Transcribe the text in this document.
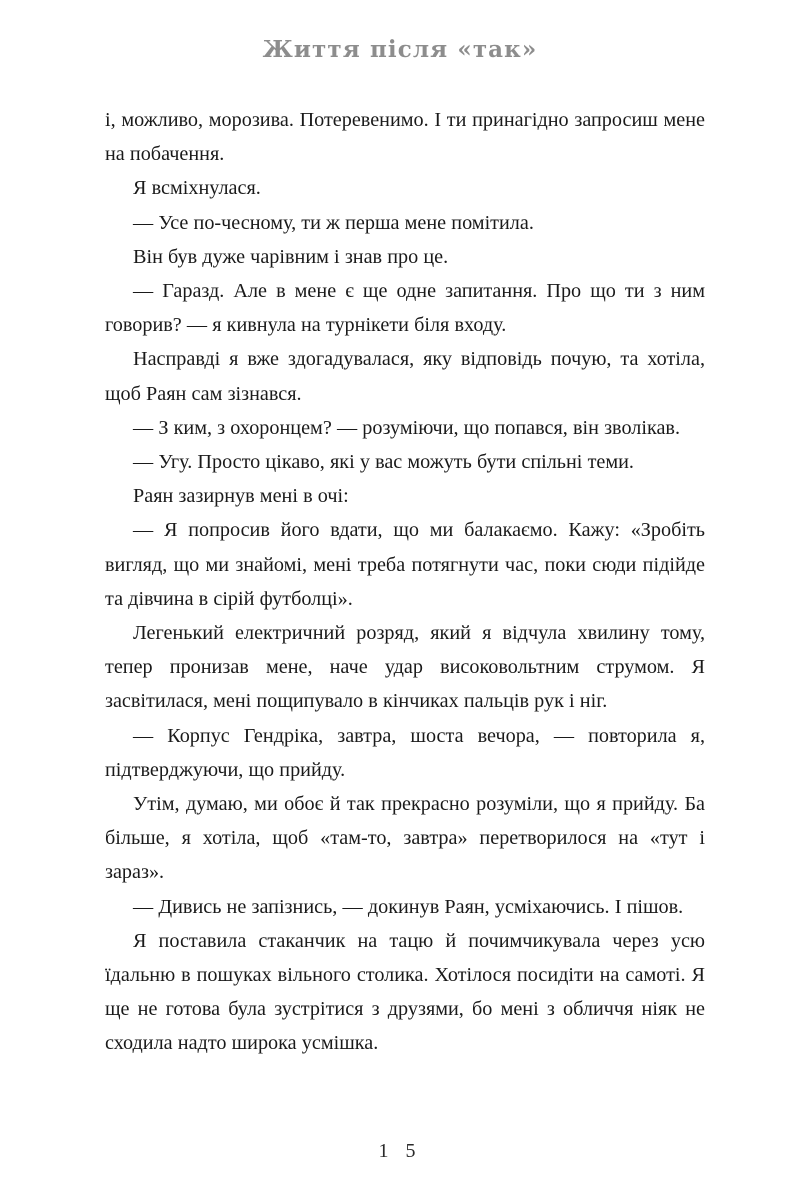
Життя після «так»

і, можливо, морозива. Потеревенимо. І ти принагідно запросиш мене на побачення.

Я всміхнулася.

— Усе по-чесному, ти ж перша мене помітила.

Він був дуже чарівним і знав про це.

— Гаразд. Але в мене є ще одне запитання. Про що ти з ним говорив? — я кивнула на турнікети біля входу.

Насправді я вже здогадувалася, яку відповідь почую, та хотіла, щоб Раян сам зізнався.

— З ким, з охоронцем? — розуміючи, що попався, він зволікав.

— Угу. Просто цікаво, які у вас можуть бути спільні теми.

Раян зазирнув мені в очі:

— Я попросив його вдати, що ми балакаємо. Кажу: «Зробіть вигляд, що ми знайомі, мені треба потягнути час, поки сюди підійде та дівчина в сірій футболці».

Легенький електричний розряд, який я відчула хвилину тому, тепер пронизав мене, наче удар високовольтним струмом. Я засвітилася, мені пощипувало в кінчиках пальців рук і ніг.

— Корпус Гендріка, завтра, шоста вечора, — повторила я, підтверджуючи, що прийду.

Утім, думаю, ми обоє й так прекрасно розуміли, що я прийду. Ба більше, я хотіла, щоб «там-то, завтра» перетворилося на «тут і зараз».

— Дивись не запізнись, — докинув Раян, усміхаючись. І пішов.

Я поставила стаканчик на тацю й почимчикувала через усю їдальню в пошуках вільного столика. Хотілося посидіти на самоті. Я ще не готова була зустрітися з друзями, бо мені з обличчя ніяк не сходила надто широка усмішка.

1 5
